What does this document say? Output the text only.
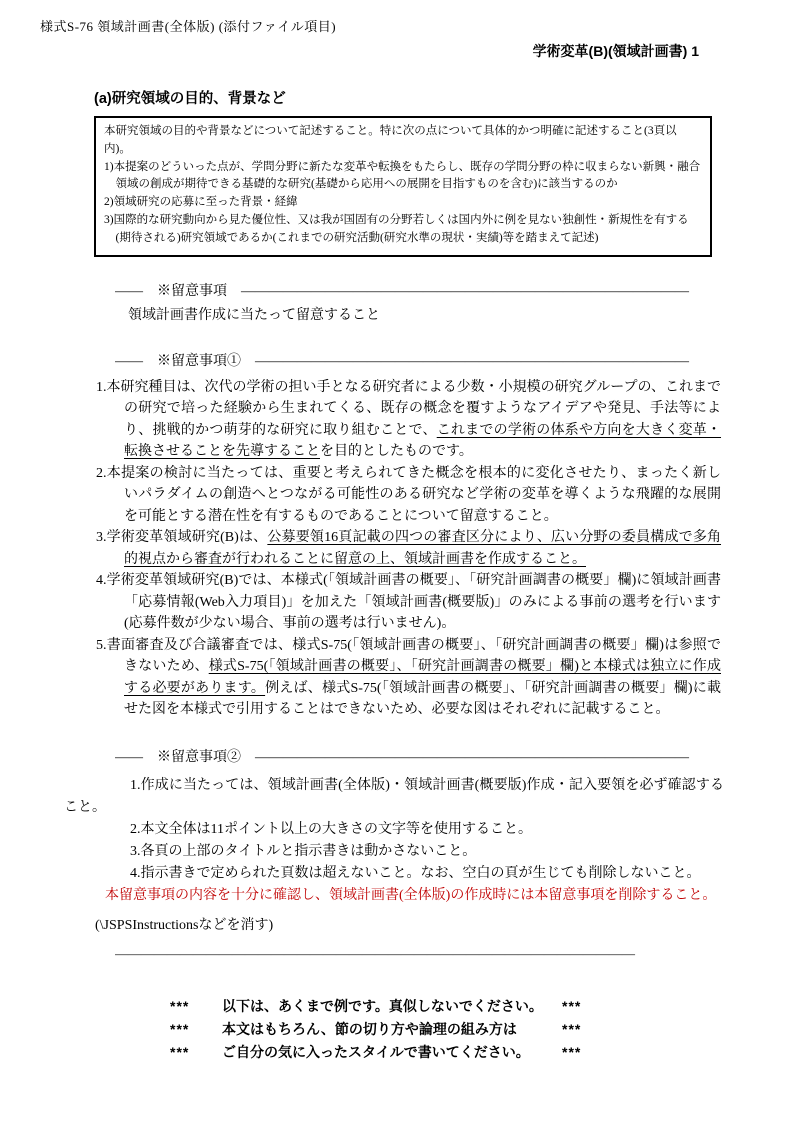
様式S-76 領域計画書(全体版) (添付ファイル項目)
学術変革(B)(領域計画書) 1
(a)研究領域の目的、背景など
本研究領域の目的や背景などについて記述すること。特に次の点について具体的かつ明確に記述すること(3頁以内)。
1)本提案のどういった点が、学問分野に新たな変革や転換をもたらし、既存の学問分野の枠に収まらない新興・融合領域の創成が期待できる基礎的な研究(基礎から応用への展開を目指すものを含む)に該当するのか
2)領域研究の応募に至った背景・経緯
3)国際的な研究動向から見た優位性、又は我が国固有の分野若しくは国内外に例を見ない独創性・新規性を有する(期待される)研究領域であるか(これまでの研究活動(研究水準の現状・実績)等を踏まえて記述)
――　※留意事項　――――――――――――――――――――――――――――――――
領域計画書作成に当たって留意すること
――　※留意事項①　―――――――――――――――――――――――――――――――

1.本研究種目は、次代の学術の担い手となる研究者による少数・小規模の研究グループの、これまでの研究で培った経験から生まれてくる、既存の概念を覆すようなアイデアや発見、手法等により、挑戦的かつ萌芽的な研究に取り組むことで、これまでの学術の体系や方向を大きく変革・転換させることを先導することを目的としたものです。

2.本提案の検討に当たっては、重要と考えられてきた概念を根本的に変化させたり、まったく新しいパラダイムの創造へとつながる可能性のある研究など学術の変革を導くような飛躍的な展開を可能とする潜在性を有するものであることについて留意すること。

3.学術変革領域研究(B)は、公募要領16頁記載の四つの審査区分により、広い分野の委員構成で多角的視点から審査が行われることに留意の上、領域計画書を作成すること。

4.学術変革領域研究(B)では、本様式(「領域計画書の概要」、「研究計画調書の概要」欄)に領域計画書「応募情報(Web入力項目)」を加えた「領域計画書(概要版)」のみによる事前の選考を行います(応募件数が少ない場合、事前の選考は行いません)。

5.書面審査及び合議審査では、様式S-75(「領域計画書の概要」、「研究計画調書の概要」欄)は参照できないため、様式S-75(「領域計画書の概要」、「研究計画調書の概要」欄)と本様式は独立に作成する必要があります。例えば、様式S-75(「領域計画書の概要」、「研究計画調書の概要」欄)に載せた図を本様式で引用することはできないため、必要な図はそれぞれに記載すること。

――　※留意事項②　―――――――――――――――――――――――――――――――

1.作成に当たっては、領域計画書(全体版)・領域計画書(概要版)作成・記入要領を必ず確認すること。

2.本文全体は11ポイント以上の大きさの文字等を使用すること。

3.各頁の上部のタイトルと指示書きは動かさないこと。

4.指示書きで定められた頁数は超えないこと。なお、空白の頁が生じても削除しないこと。

本留意事項の内容を十分に確認し、領域計画書(全体版)の作成時には本留意事項を削除すること。

(\JSPSInstructionsなどを消す)
――――――――――――――――――――――――――――――――――――――――
***	以下は、あくまで例です。真似しないでください。	***
***	本文はもちろん、節の切り方や論理の組み方は	***
***	ご自分の気に入ったスタイルで書いてください。	***
